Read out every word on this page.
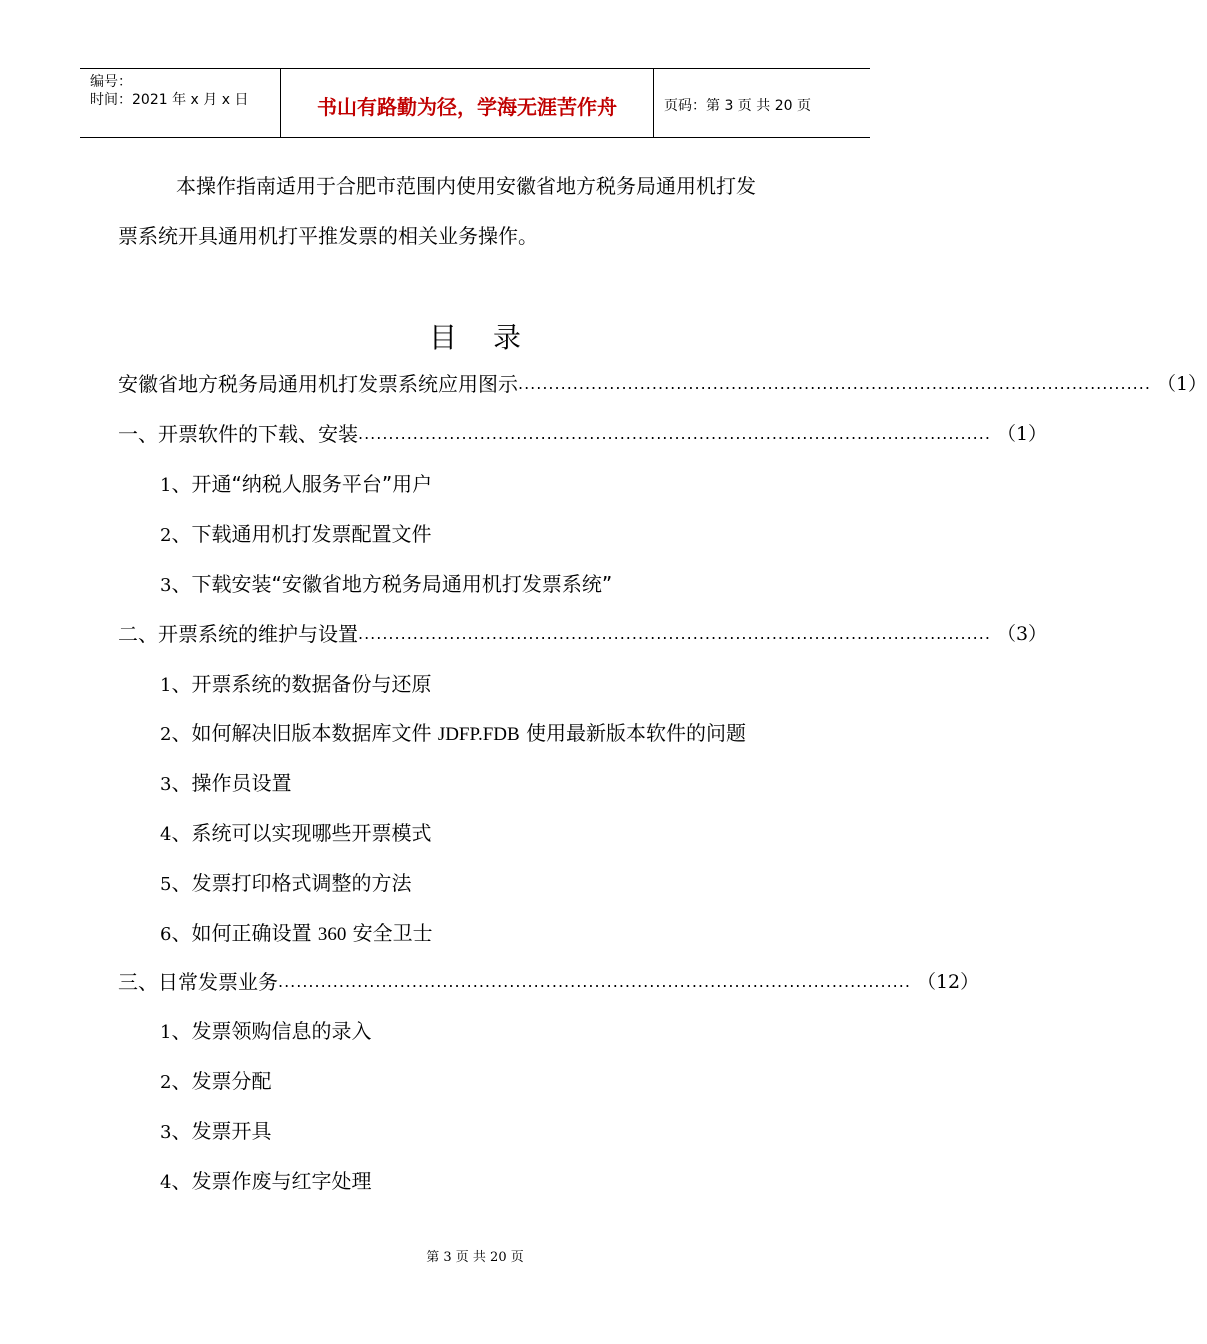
编号：
时间：2021 年 x 月 x 日	书山有路勤为径，学海无涯苦作舟	页码：第 3 页 共 20 页
本操作指南适用于合肥市范围内使用安徽省地方税务局通用机打发
票系统开具通用机打平推发票的相关业务操作。
目录
安徽省地方税务局通用机打发票系统应用图示 ........................................................................................................ （1）
一、开票软件的下载、安装 ........................................................................................................ （1）
1、开通“纳税人服务平台”用户
2、下载通用机打发票配置文件
3、下载安装“安徽省地方税务局通用机打发票系统”
二、开票系统的维护与设置 ........................................................................................................ （3）
1、开票系统的数据备份与还原
2、如何解决旧版本数据库文件 JDFP.FDB 使用最新版本软件的问题
3、操作员设置
4、系统可以实现哪些开票模式
5、发票打印格式调整的方法
6、如何正确设置 360 安全卫士
三、日常发票业务 ........................................................................................................ （12）
1、发票领购信息的录入
2、发票分配
3、发票开具
4、发票作废与红字处理
第 3 页 共 20 页
